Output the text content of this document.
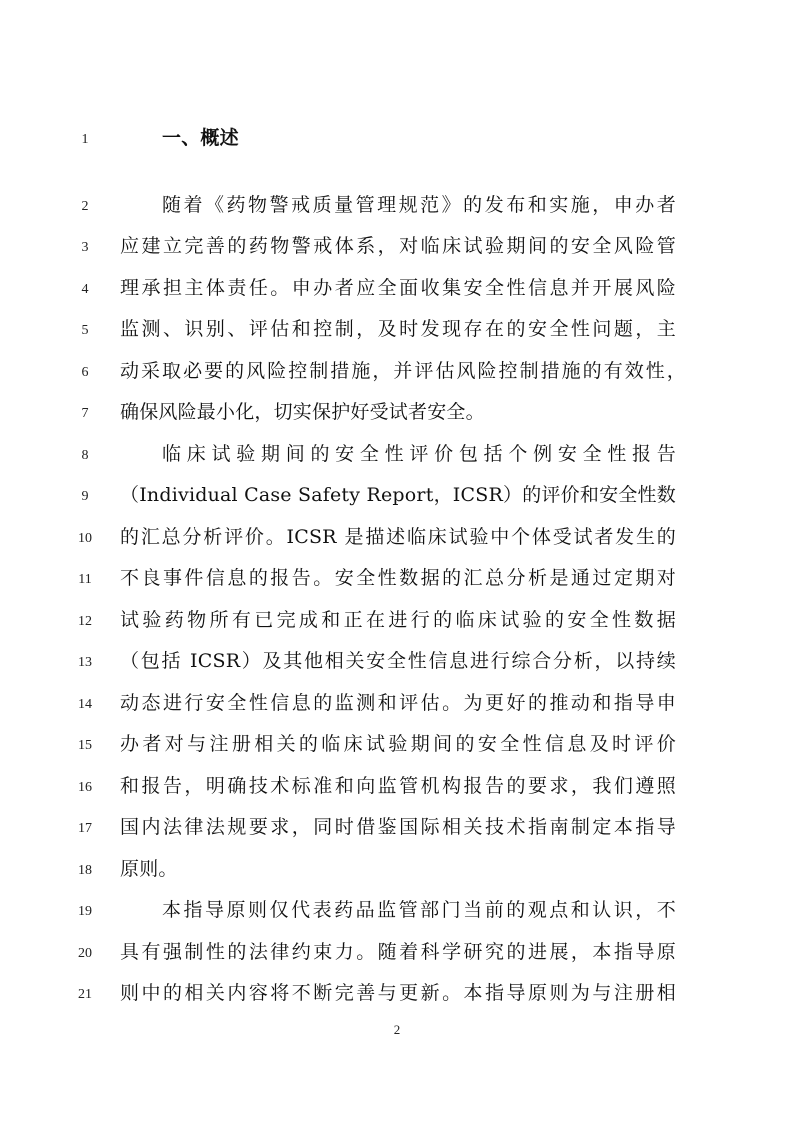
1	一、概述
2	随着《药物警戒质量管理规范》的发布和实施，申办者
3	应建立完善的药物警戒体系，对临床试验期间的安全风险管
4	理承担主体责任。申办者应全面收集安全性信息并开展风险
5	监测、识别、评估和控制，及时发现存在的安全性问题，主
6	动采取必要的风险控制措施，并评估风险控制措施的有效性，
7	确保风险最小化，切实保护好受试者安全。
8	临床试验期间的安全性评价包括个例安全性报告
9	（Individual Case Safety Report，ICSR）的评价和安全性数
10	的汇总分析评价。ICSR 是描述临床试验中个体受试者发生的
11	不良事件信息的报告。安全性数据的汇总分析是通过定期对
12	试验药物所有已完成和正在进行的临床试验的安全性数据
13	（包括 ICSR）及其他相关安全性信息进行综合分析，以持续
14	动态进行安全性信息的监测和评估。为更好的推动和指导申
15	办者对与注册相关的临床试验期间的安全性信息及时评价
16	和报告，明确技术标准和向监管机构报告的要求，我们遵照
17	国内法律法规要求，同时借鉴国际相关技术指南制定本指导
18	原则。
19	本指导原则仅代表药品监管部门当前的观点和认识，不
20	具有强制性的法律约束力。随着科学研究的进展，本指导原
21	则中的相关内容将不断完善与更新。本指导原则为与注册相
2
